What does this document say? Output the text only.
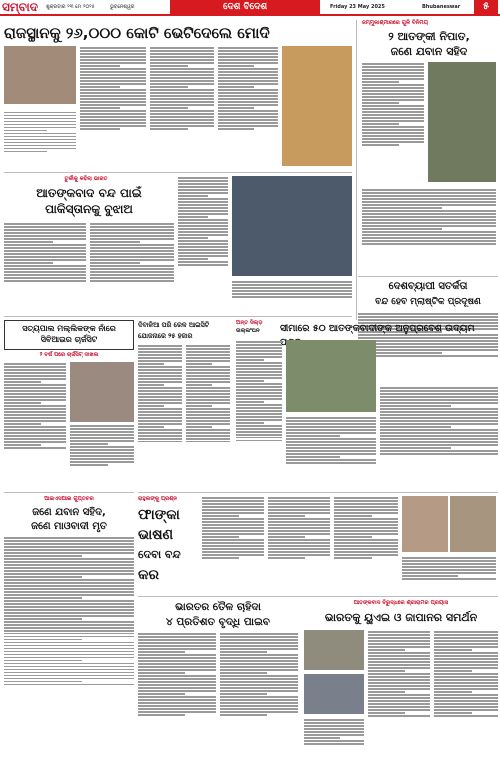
ସମ୍ବାଦ	ଶୁକ୍ରବାର ୨୩ ମେ ୨୦୨୫	ଭୁବନେଶ୍ୱର	ଦେଶ ବିଦେଶ	Friday 23 May 2025	Bhubaneswar	୫
ରାଜସ୍ଥାନକୁ ୨୬,୦୦୦ କୋଟି ଭେଟିଦେଲେ ମୋଦି

ଜମ୍ମୁକାଶ୍ମୀରରେ ଗୁଳି ବିନିମୟ
୨ ଆତଙ୍କୀ ନିପାତ,
ଜଣେ ଯବାନ ସହିଦ
ତୁର୍କୀକୁ କହିଲା ଭାରତ
ଆତଙ୍କବାଦ ବନ୍ଦ ପାଇଁ
ପାକିସ୍ତାନକୁ ବୁଝାଅ
ଦେଶବ୍ୟାପୀ ସତର୍କତା
ବନ୍ଦ ହେବ ମ୍ଲାଷ୍ଟିକ ପ୍ରଦୂଷଣ
ସତ୍ୟପାଲ ମଲ୍ଲିକଙ୍କ ନାଁରେ
ସିବିଆଇର ଚାର୍ଜସିଟ
୨ ବର୍ଷ ପରେ ଚାର୍ଜସିଟ୍ ଦାଖଲ
ଦିବାଳିଆ ପରି ରେଳ ଆଇସିଟି
ଯୋଜନାରେ ୨୫ ହଜାର
ଅନ୍ତ ସିଲ୍‍ଡ଼
ଉଲ୍ଲଂଘନ	ସୀମାରେ ୫୦ ଆତଙ୍କବାଦୀଙ୍କ ଅନୁପ୍ରବେଶ ଉଦ୍ୟମ
ଆଇଏସଆଇ ଗୁପ୍ତଚର
ଜଣେ ଯବାନ ସହିଦ,
ଜଣେ ମାଓବାଦୀ ମୃତ
ରାହୁଲଙ୍କୁ ପ୍ରଶ୍ନ
ଫାଙ୍କା
ଭାଷଣ
ଦେବା ବନ୍ଦ
କର
ଭାରତର ତୈଳ ଚାହିଦା
୪ ପ୍ରତିଶତ ବୃଦ୍ଧି ପାଇବ
ଆତଙ୍କବାଦ ବିରୁଦ୍ଧରେ ଶ୍ରୀରାମର ପ୍ରୟାସ
ଭାରତକୁ ୟୁଏଇ ଓ ଜାପାନର ସମର୍ଥନ
